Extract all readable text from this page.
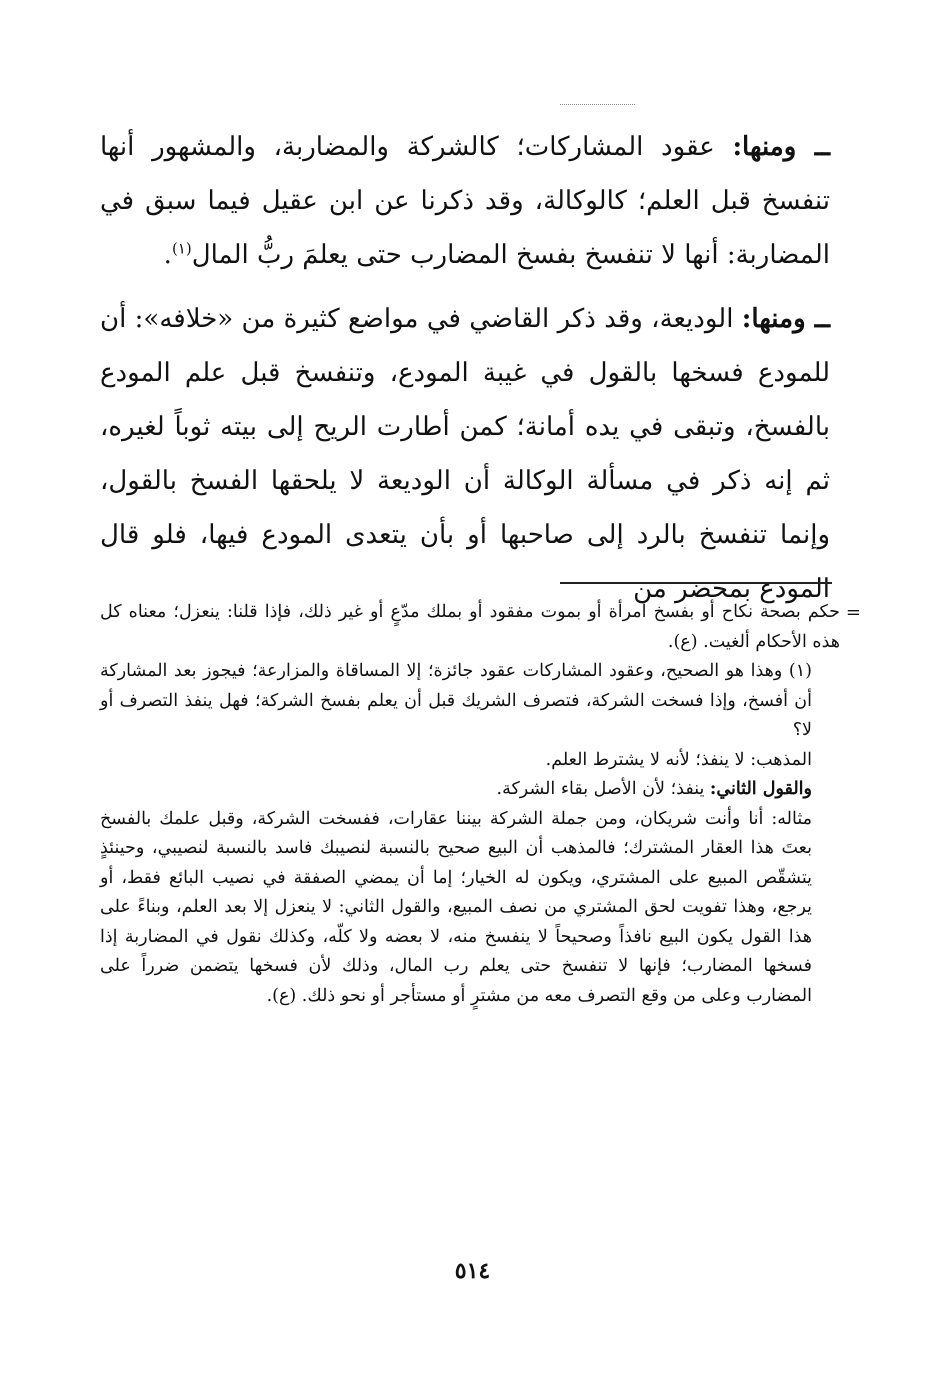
ــ ومنها: عقود المشاركات؛ كالشركة والمضاربة، والمشهور أنها تنفسخ قبل العلم؛ كالوكالة، وقد ذكرنا عن ابن عقيل فيما سبق في المضاربة: أنها لا تنفسخ بفسخ المضارب حتى يعلمَ ربُّ المال$^{(١)}$.

ــ ومنها: الوديعة، وقد ذكر القاضي في مواضع كثيرة من «خلافه»: أن للمودع فسخها بالقول في غيبة المودع، وتنفسخ قبل علم المودع بالفسخ، وتبقى في يده أمانة؛ كمن أطارت الريح إلى بيته ثوباً لغيره، ثم إنه ذكر في مسألة الوكالة أن الوديعة لا يلحقها الفسخ بالقول، وإنما تنفسخ بالرد إلى صاحبها أو بأن يتعدى المودع فيها، فلو قال المودع بمحضر من

=

حكم بصحة نكاح أو بفسخ امرأة أو بموت مفقود أو بملك مدّعٍ أو غير ذلك، فإذا قلنا: ينعزل؛ معناه كل هذه الأحكام ألغيت. (ع).

(١) وهذا هو الصحيح، وعقود المشاركات عقود جائزة؛ إلا المساقاة والمزارعة؛ فيجوز بعد المشاركة أن أفسخ، وإذا فسخت الشركة، فتصرف الشريك قبل أن يعلم بفسخ الشركة؛ فهل ينفذ التصرف أو لا؟

المذهب: لا ينفذ؛ لأنه لا يشترط العلم.

والقول الثاني: ينفذ؛ لأن الأصل بقاء الشركة.

مثاله: أنا وأنت شريكان، ومن جملة الشركة بيننا عقارات، ففسخت الشركة، وقبل علمك بالفسخ بعتَ هذا العقار المشترك؛ فالمذهب أن البيع صحيح بالنسبة لنصيبك فاسد بالنسبة لنصيبي، وحينئذٍ يتشقّص المبيع على المشتري، ويكون له الخيار؛ إما أن يمضي الصفقة في نصيب البائع فقط، أو يرجع، وهذا تفويت لحق المشتري من نصف المبيع، والقول الثاني: لا ينعزل إلا بعد العلم، وبناءً على هذا القول يكون البيع نافذاً وصحيحاً لا ينفسخ منه، لا بعضه ولا كلّه، وكذلك نقول في المضاربة إذا فسخها المضارب؛ فإنها لا تنفسخ حتى يعلم رب المال، وذلك لأن فسخها يتضمن ضرراً على المضارب وعلى من وقع التصرف معه من مشترٍ أو مستأجر أو نحو ذلك. (ع).

٥١٤
